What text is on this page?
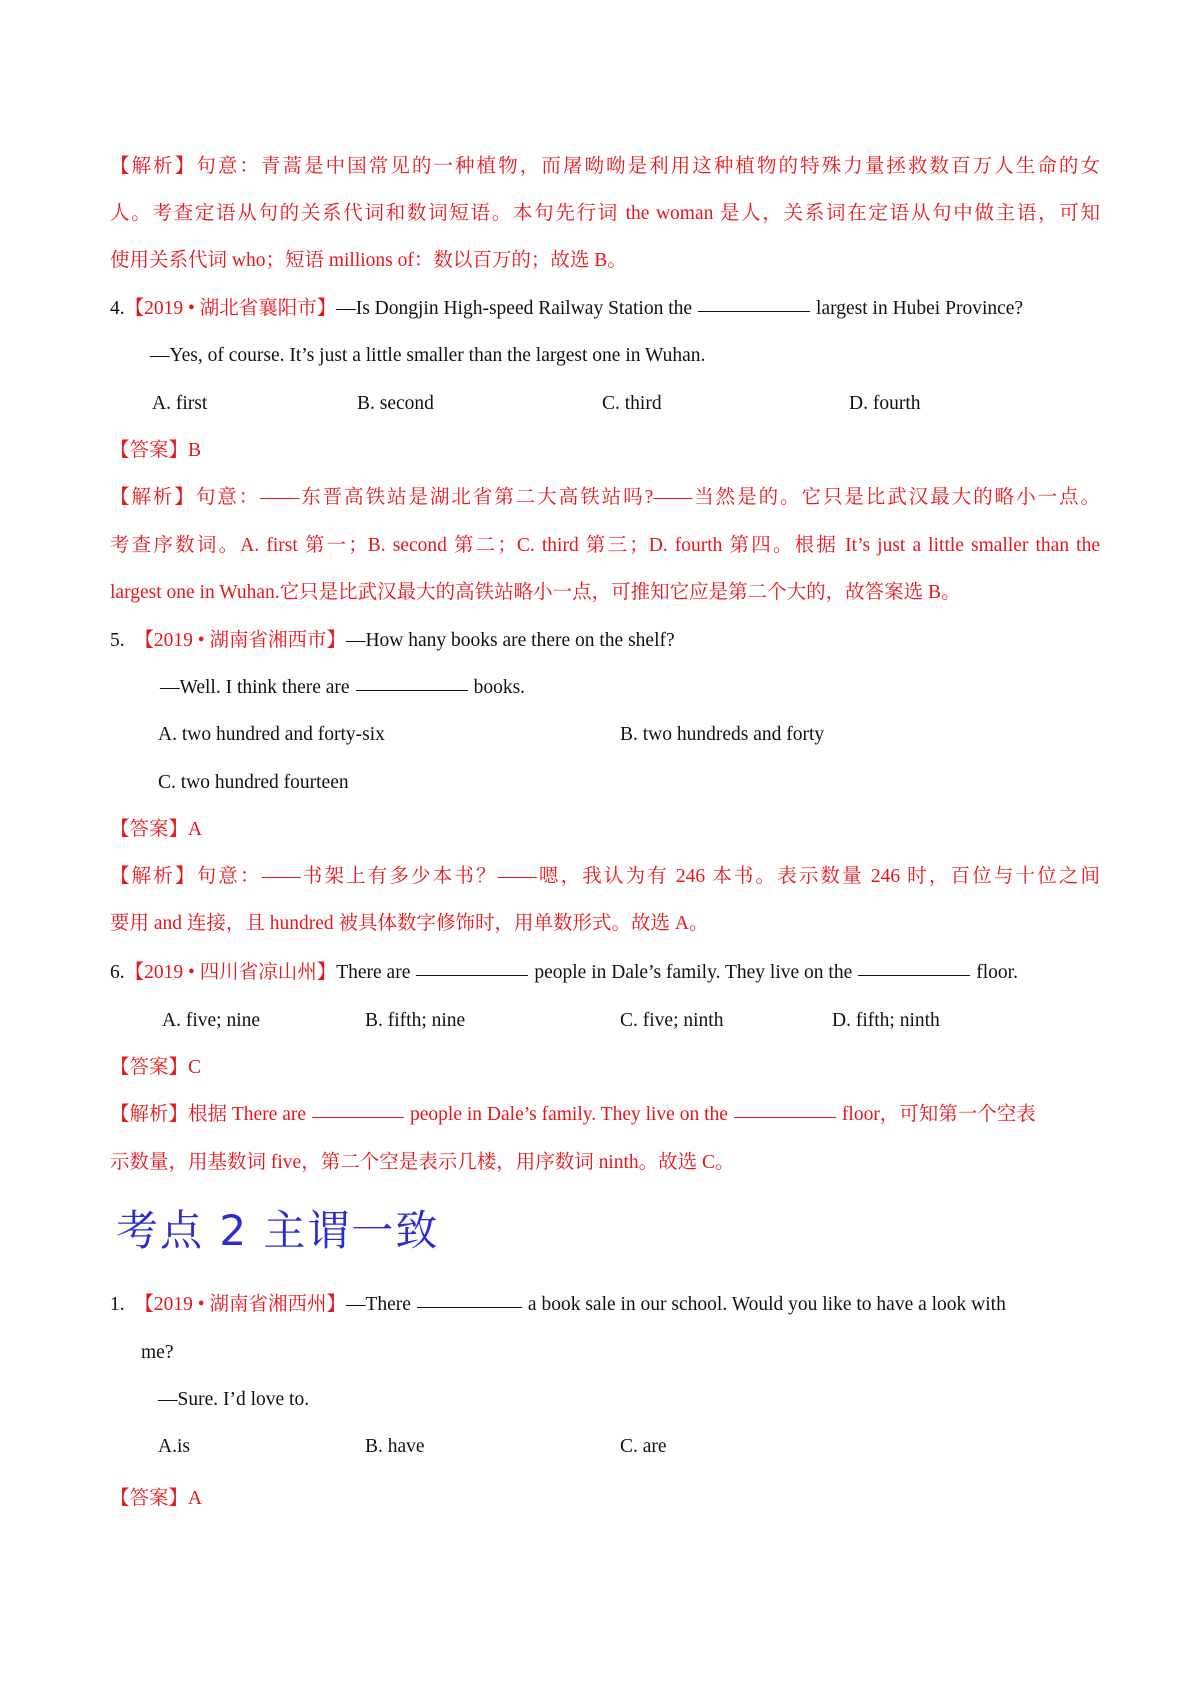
【解析】句意：青蒿是中国常见的一种植物，而屠呦呦是利用这种植物的特殊力量拯救数百万人生命的女
人。考查定语从句的关系代词和数词短语。本句先行词 the woman 是人，关系词在定语从句中做主语，可知
使用关系代词 who；短语 millions of：数以百万的；故选 B。
4.【2019 • 湖北省襄阳市】—Is Dongjin High-speed Railway Station the	largest in Hubei Province?
—Yes, of course. It’s just a little smaller than the largest one in Wuhan.
A. first	B. second	C. third	D. fourth
【答案】B
【解析】句意：——东晋高铁站是湖北省第二大高铁站吗?——当然是的。它只是比武汉最大的略小一点。
考查序数词。A. first 第一；B. second 第二；C. third 第三；D. fourth 第四。根据 It’s just a little smaller than the
largest one in Wuhan.它只是比武汉最大的高铁站略小一点，可推知它应是第二个大的，故答案选 B。
5. 【2019 • 湖南省湘西市】—How hany books are there on the shelf?
—Well. I think there are	books.
A. two hundred and forty-six	B. two hundreds and forty
C. two hundred fourteen
【答案】A
【解析】句意：——书架上有多少本书？——嗯，我认为有 246 本书。表示数量 246 时，百位与十位之间
要用 and 连接，且 hundred 被具体数字修饰时，用单数形式。故选 A。
6.【2019 • 四川省凉山州】There are	people in Dale’s family. They live on the	floor.
A. five; nine	B. fifth; nine	C. five; ninth	D. fifth; ninth
【答案】C
【解析】根据 There are	people in Dale’s family. They live on the	floor，可知第一个空表
示数量，用基数词 five，第二个空是表示几楼，用序数词 ninth。故选 C。
考点 2 主谓一致
1. 【2019 • 湖南省湘西州】—There	a book sale in our school. Would you like to have a look with
me?
—Sure. I’d love to.
A.is	B. have	C. are
【答案】A
